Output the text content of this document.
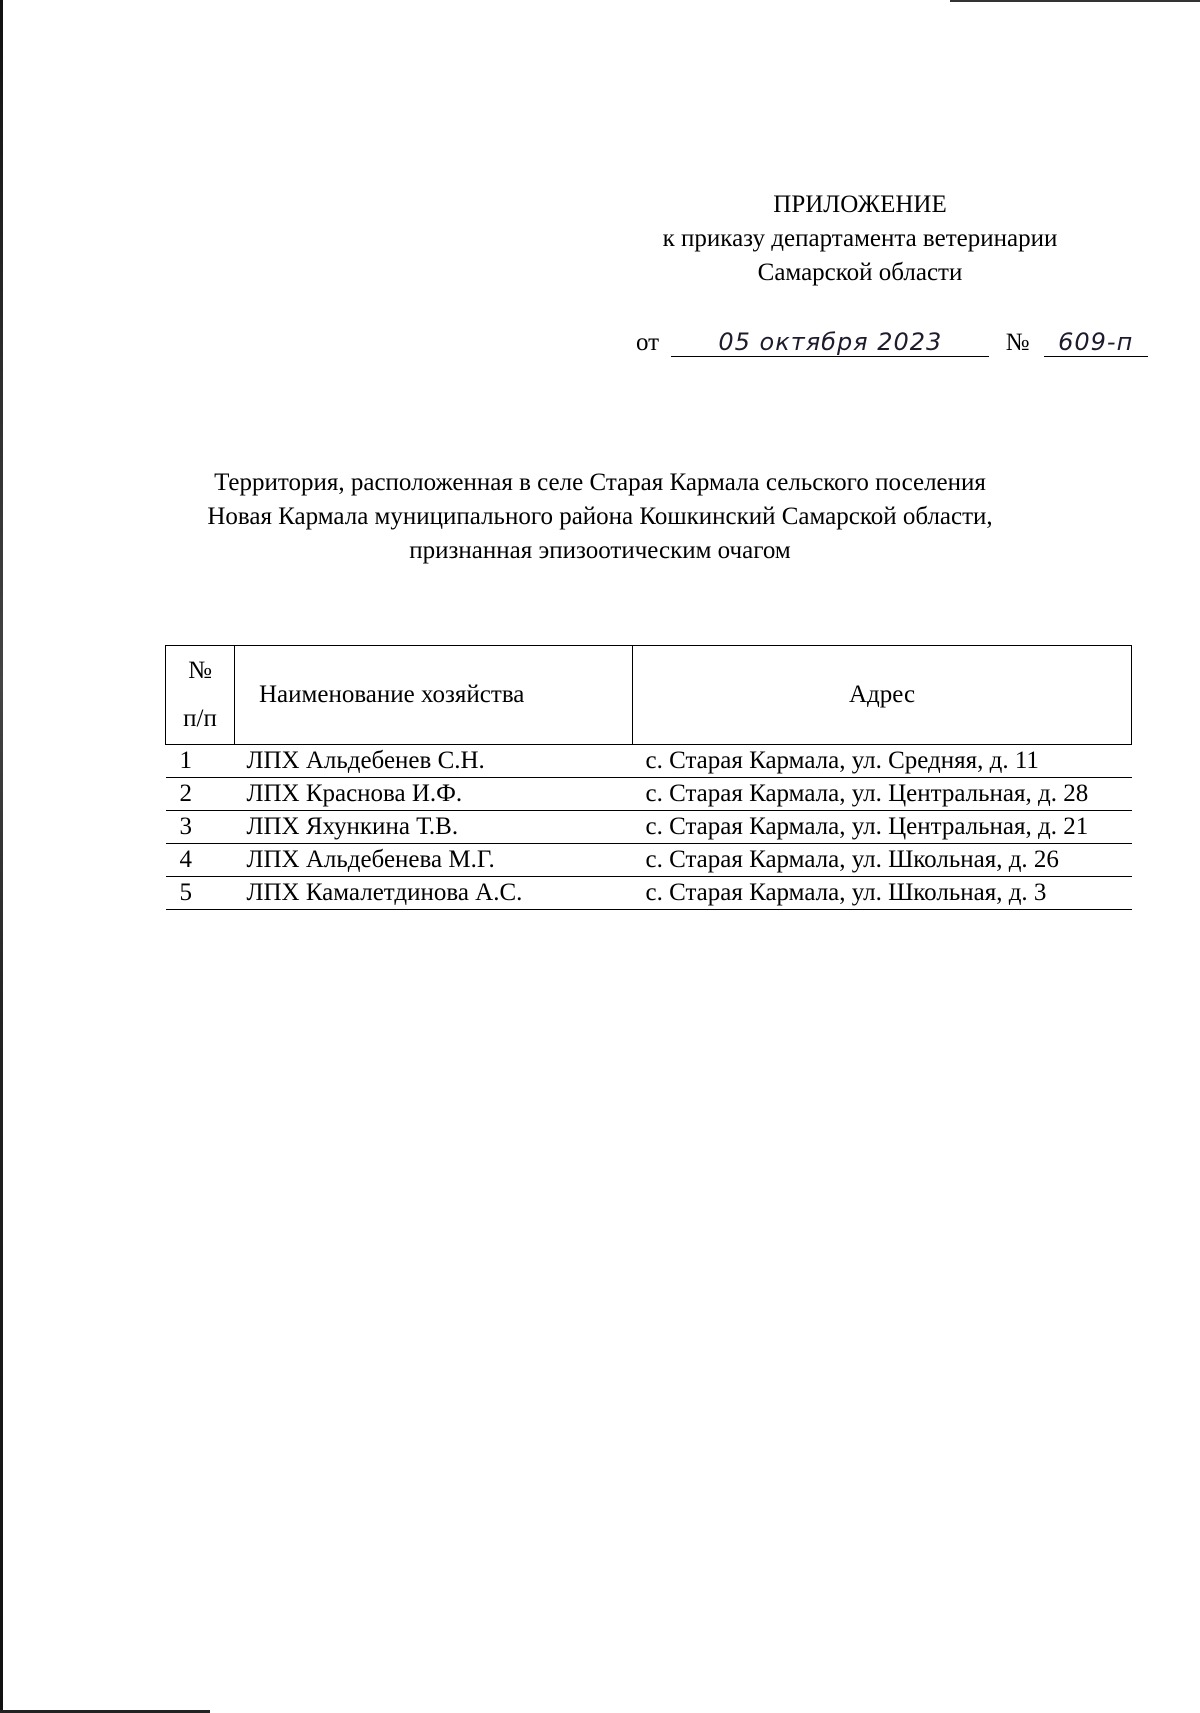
ПРИЛОЖЕНИЕ
к приказу департамента ветеринарии
Самарской области
от 05 октября 2023	№ 609-п
Территория, расположенная в селе Старая Кармала сельского поселения
Новая Кармала муниципального района Кошкинский Самарской области,
признанная эпизоотическим очагом
№
п/п	Наименование хозяйства	Адрес
1	ЛПХ Альдебенев С.Н.	с. Старая Кармала, ул. Средняя, д. 11
2	ЛПХ Краснова И.Ф.	с. Старая Кармала, ул. Центральная, д. 28
3	ЛПХ Яхункина Т.В.	с. Старая Кармала, ул. Центральная, д. 21
4	ЛПХ Альдебенева М.Г.	с. Старая Кармала, ул. Школьная, д. 26
5	ЛПХ Камалетдинова А.С.	с. Старая Кармала, ул. Школьная, д. 3
